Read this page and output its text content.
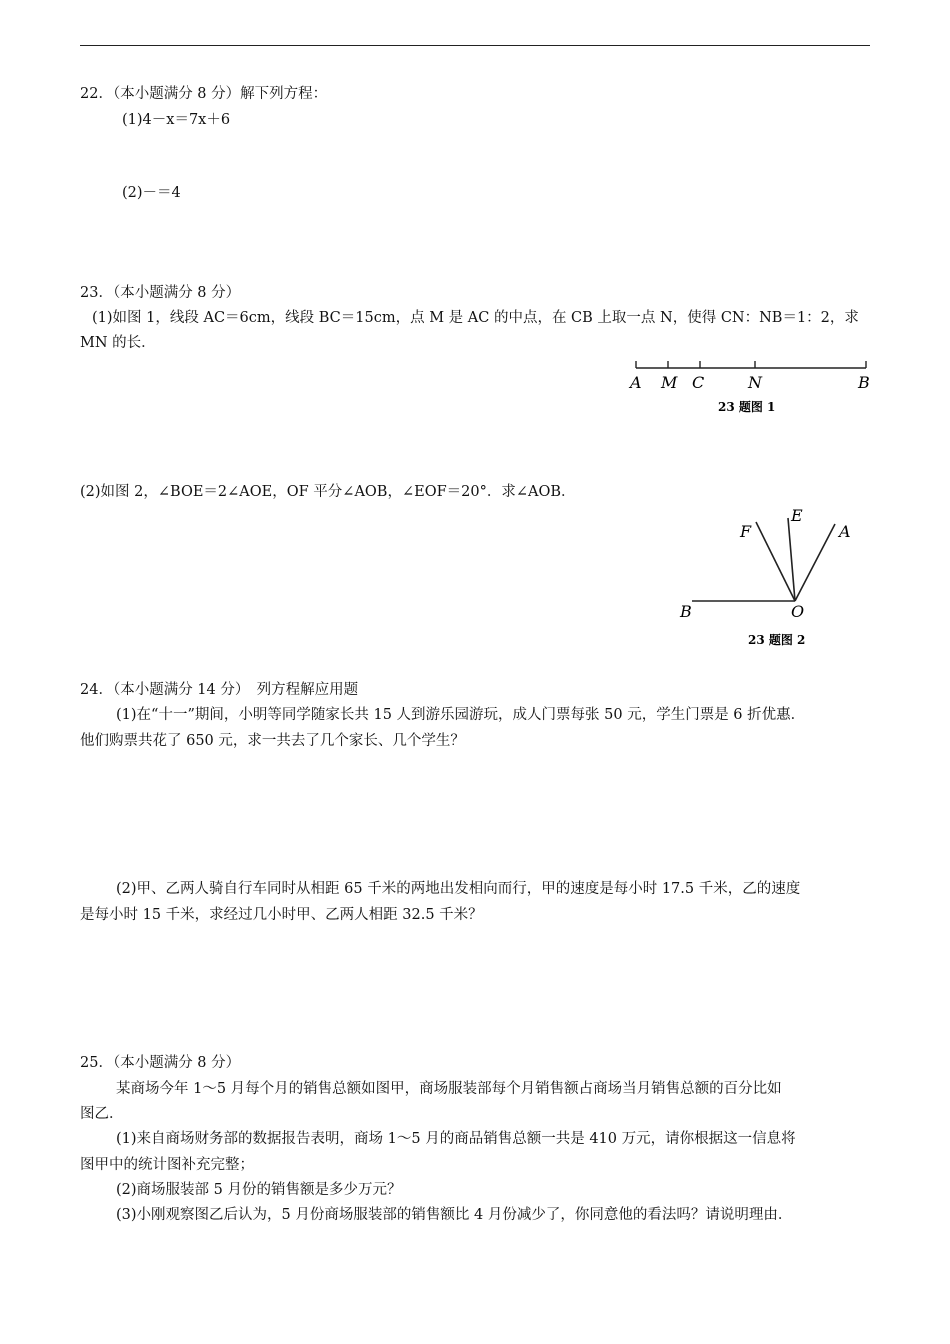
22．（本小题满分 8 分）解下列方程：
(1)4－x＝7x＋6
(2)－＝4
23．（本小题满分 8 分）
(1)如图 1，线段 AC＝6cm，线段 BC＝15cm，点 M 是 AC 的中点，在 CB 上取一点 N，使得 CN：NB＝1：2，求
MN 的长．
A M C	N	B
23 题图 1
(2)如图 2，∠BOE＝2∠AOE，OF 平分∠AOB，∠EOF＝20°．求∠AOB．
F
E
A
B	O
23 题图 2
24．（本小题满分 14 分）　列方程解应用题
(1)在“十一”期间，小明等同学随家长共 15 人到游乐园游玩，成人门票每张 50 元，学生门票是 6 折优惠．
他们购票共花了 650 元，求一共去了几个家长、几个学生？
(2)甲、乙两人骑自行车同时从相距 65 千米的两地出发相向而行，甲的速度是每小时 17.5 千米，乙的速度
是每小时 15 千米，求经过几小时甲、乙两人相距 32.5 千米？
25．（本小题满分 8 分）
某商场今年 1～5 月每个月的销售总额如图甲，商场服装部每个月销售额占商场当月销售总额的百分比如
图乙．
(1)来自商场财务部的数据报告表明，商场 1～5 月的商品销售总额一共是 410 万元，请你根据这一信息将
图甲中的统计图补充完整；
(2)商场服装部 5 月份的销售额是多少万元？
(3)小刚观察图乙后认为，5 月份商场服装部的销售额比 4 月份减少了，你同意他的看法吗？请说明理由．
